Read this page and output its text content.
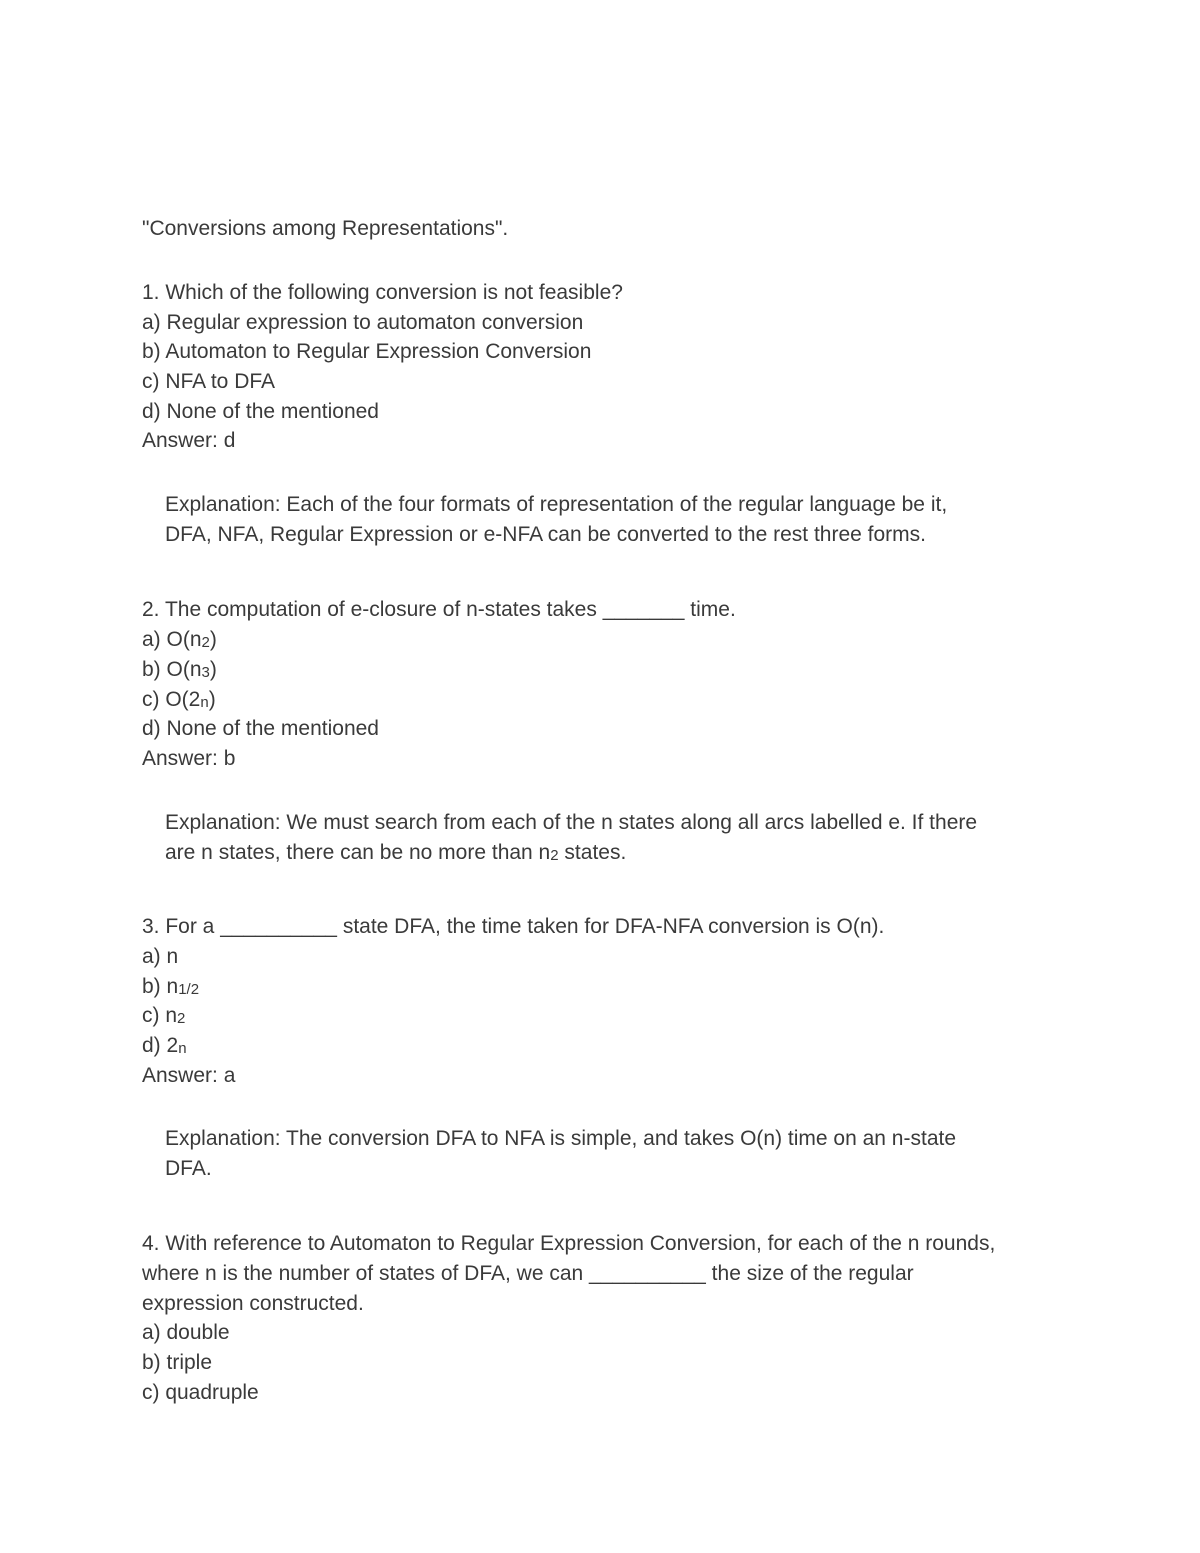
"Conversions among Representations".
1. Which of the following conversion is not feasible?
a) Regular expression to automaton conversion
b) Automaton to Regular Expression Conversion
c) NFA to DFA
d) None of the mentioned
Answer: d
Explanation: Each of the four formats of representation of the regular language be it,
DFA, NFA, Regular Expression or e-NFA can be converted to the rest three forms.
2. The computation of e-closure of n-states takes _______ time.
a) O(n2)
b) O(n3)
c) O(2n)
d) None of the mentioned
Answer: b
Explanation: We must search from each of the n states along all arcs labelled e. If there
are n states, there can be no more than n2 states.
3. For a __________ state DFA, the time taken for DFA-NFA conversion is O(n).
a) n
b) n1/2
c) n2
d) 2n
Answer: a
Explanation: The conversion DFA to NFA is simple, and takes O(n) time on an n-state
DFA.
4. With reference to Automaton to Regular Expression Conversion, for each of the n rounds,
where n is the number of states of DFA, we can __________ the size of the regular
expression constructed.
a) double
b) triple
c) quadruple
